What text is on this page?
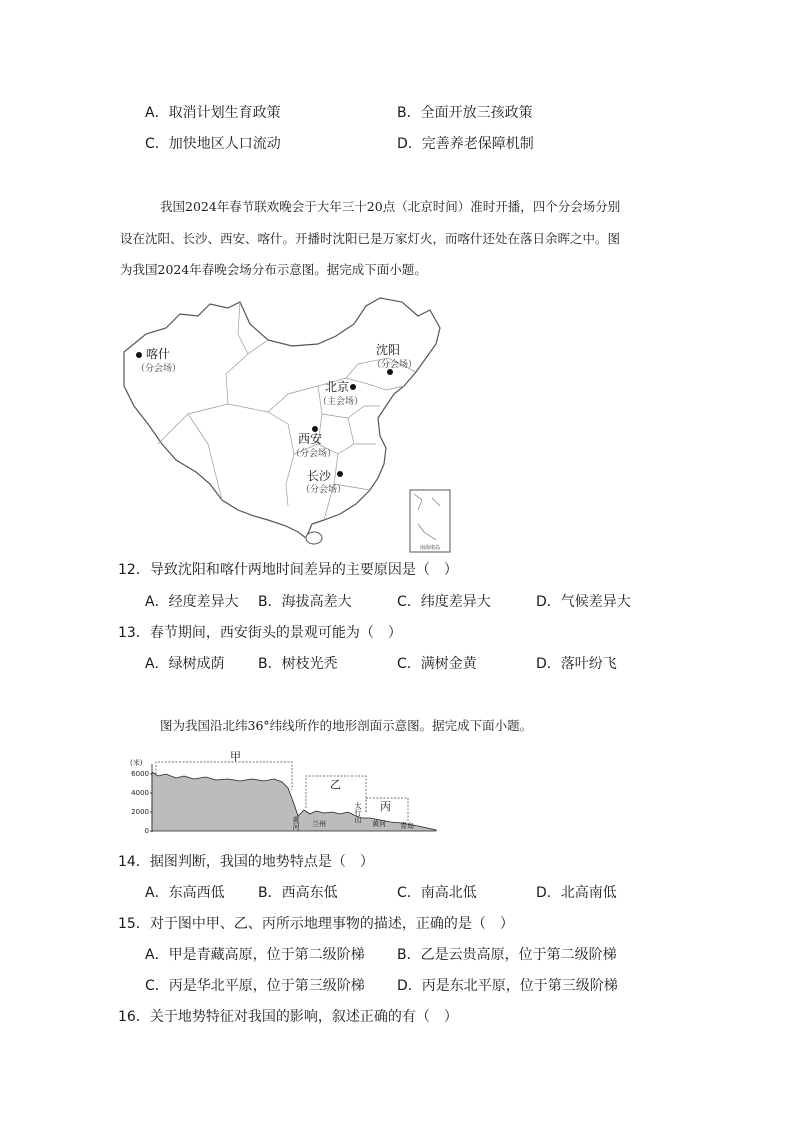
A．取消计划生育政策	B．全面开放三孩政策
C．加快地区人口流动	D．完善养老保障机制
我国2024年春节联欢晚会于大年三十20点（北京时间）准时开播，四个分会场分别
设在沈阳、长沙、西安、喀什。开播时沈阳已是万家灯火，而喀什还处在落日余晖之中。图
为我国2024年春晚会场分布示意图。据完成下面小题。
南海诸岛
喀什
（分会场）
沈阳
（分会场）
北京
（主会场）
西安
（分会场）
长沙
（分会场）
12．导致沈阳和喀什两地时间差异的主要原因是（　）
A．经度差异大 B．海拔高差大	C．纬度差异大	D．气候差异大
13．春节期间，西安街头的景观可能为（　）
A．绿树成荫 B．树枝光秃	C．满树金黄	D．落叶纷飞
图为我国沿北纬36°纬线所作的地形剖面示意图。据完成下面小题。
(米)
6000
4000
2000
0
甲
乙
丙
黄河 兰州
太行山
黄河 青岛
14．据图判断，我国的地势特点是（　）
A．东高西低 B．西高东低	C．南高北低	D．北高南低
15．对于图中甲、乙、丙所示地理事物的描述，正确的是（　）
A．甲是青藏高原，位于第二级阶梯 B．乙是云贵高原，位于第二级阶梯
C．丙是华北平原，位于第三级阶梯 D．丙是东北平原，位于第三级阶梯
16．关于地势特征对我国的影响，叙述正确的有（　）
